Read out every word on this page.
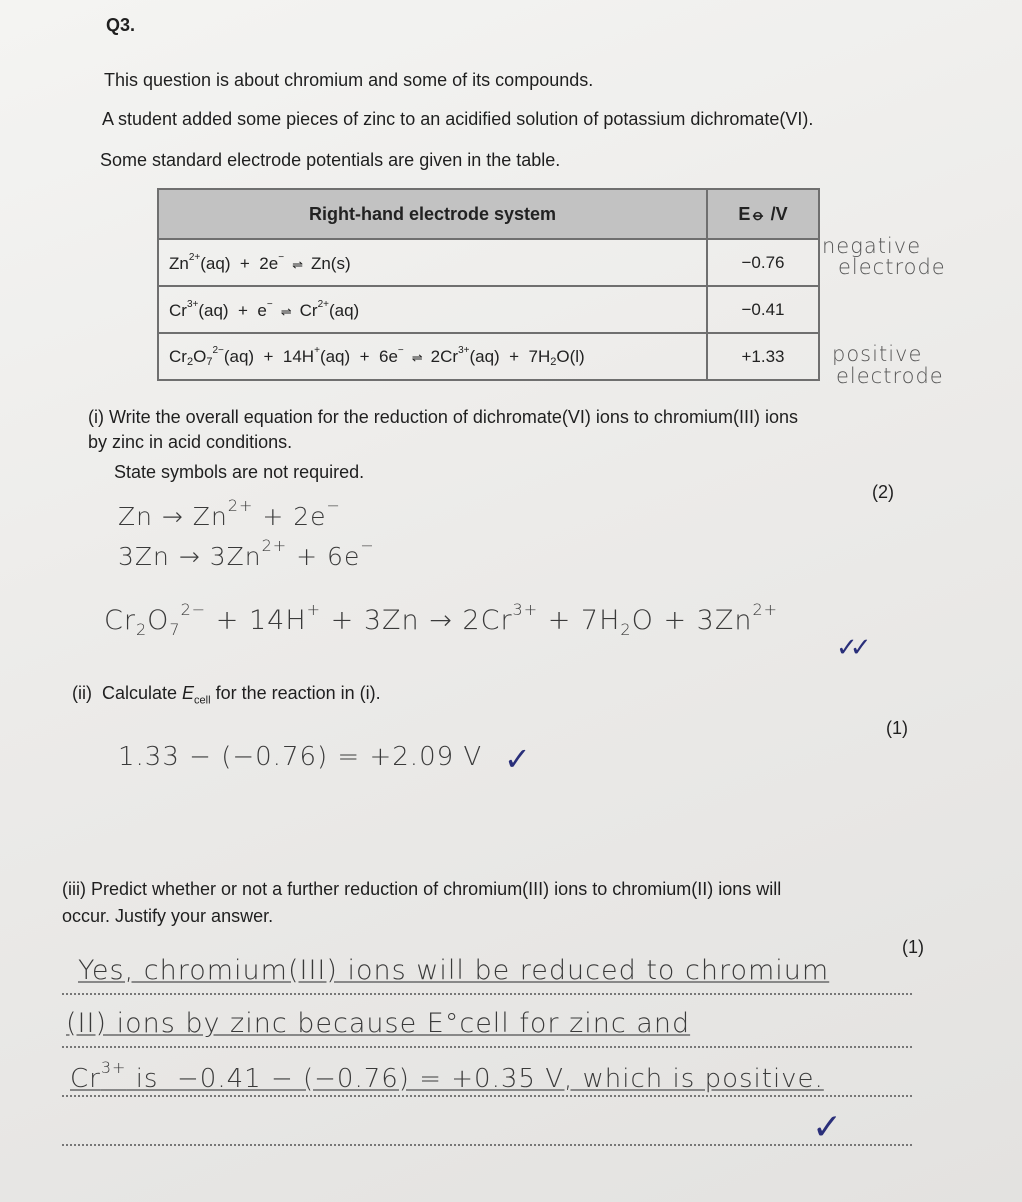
Q3.
This question is about chromium and some of its compounds.
A student added some pieces of zinc to an acidified solution of potassium dichromate(VI).
Some standard electrode potentials are given in the table.
Right-hand electrode system	E⦵ /V
$Zn^{2+}(aq) + 2e^-$ ⇌ Zn(s)	−0.76
$Cr^{3+}(aq) + e^-$ ⇌ $Cr^{2+}(aq)$	−0.41
$Cr_2O_7^{2-}(aq) + 14H^+(aq) + 6e^-$ ⇌ $2Cr^{3+}(aq) + 7H_2O(l)$	+1.33
negative
electrode
positive
electrode
(i) Write the overall equation for the reduction of dichromate(VI) ions to chromium(III) ions
by zinc in acid conditions.
State symbols are not required.
(2)
$Zn \to Zn^{2+} + 2e^-$
$3Zn \to 3Zn^{2+} + 6e^-$
$Cr_2O_7^{2-} + 14H^+ + 3Zn \to 2Cr^{3+} + 7H_2O + 3Zn^{2+}$
✓✓
(ii)  Calculate $E_{cell}$ for the reaction in (i).
(1)
1.33 − (−0.76) = +2.09 V ✓
(iii) Predict whether or not a further reduction of chromium(III) ions to chromium(II) ions will
occur. Justify your answer.
(1)
Yes, chromium(III) ions will be reduced to chromium
(II) ions by zinc because E°cell for zinc and
$Cr^{3+}$ is  −0.41 − (−0.76) = +0.35 V, which is positive.
✓
